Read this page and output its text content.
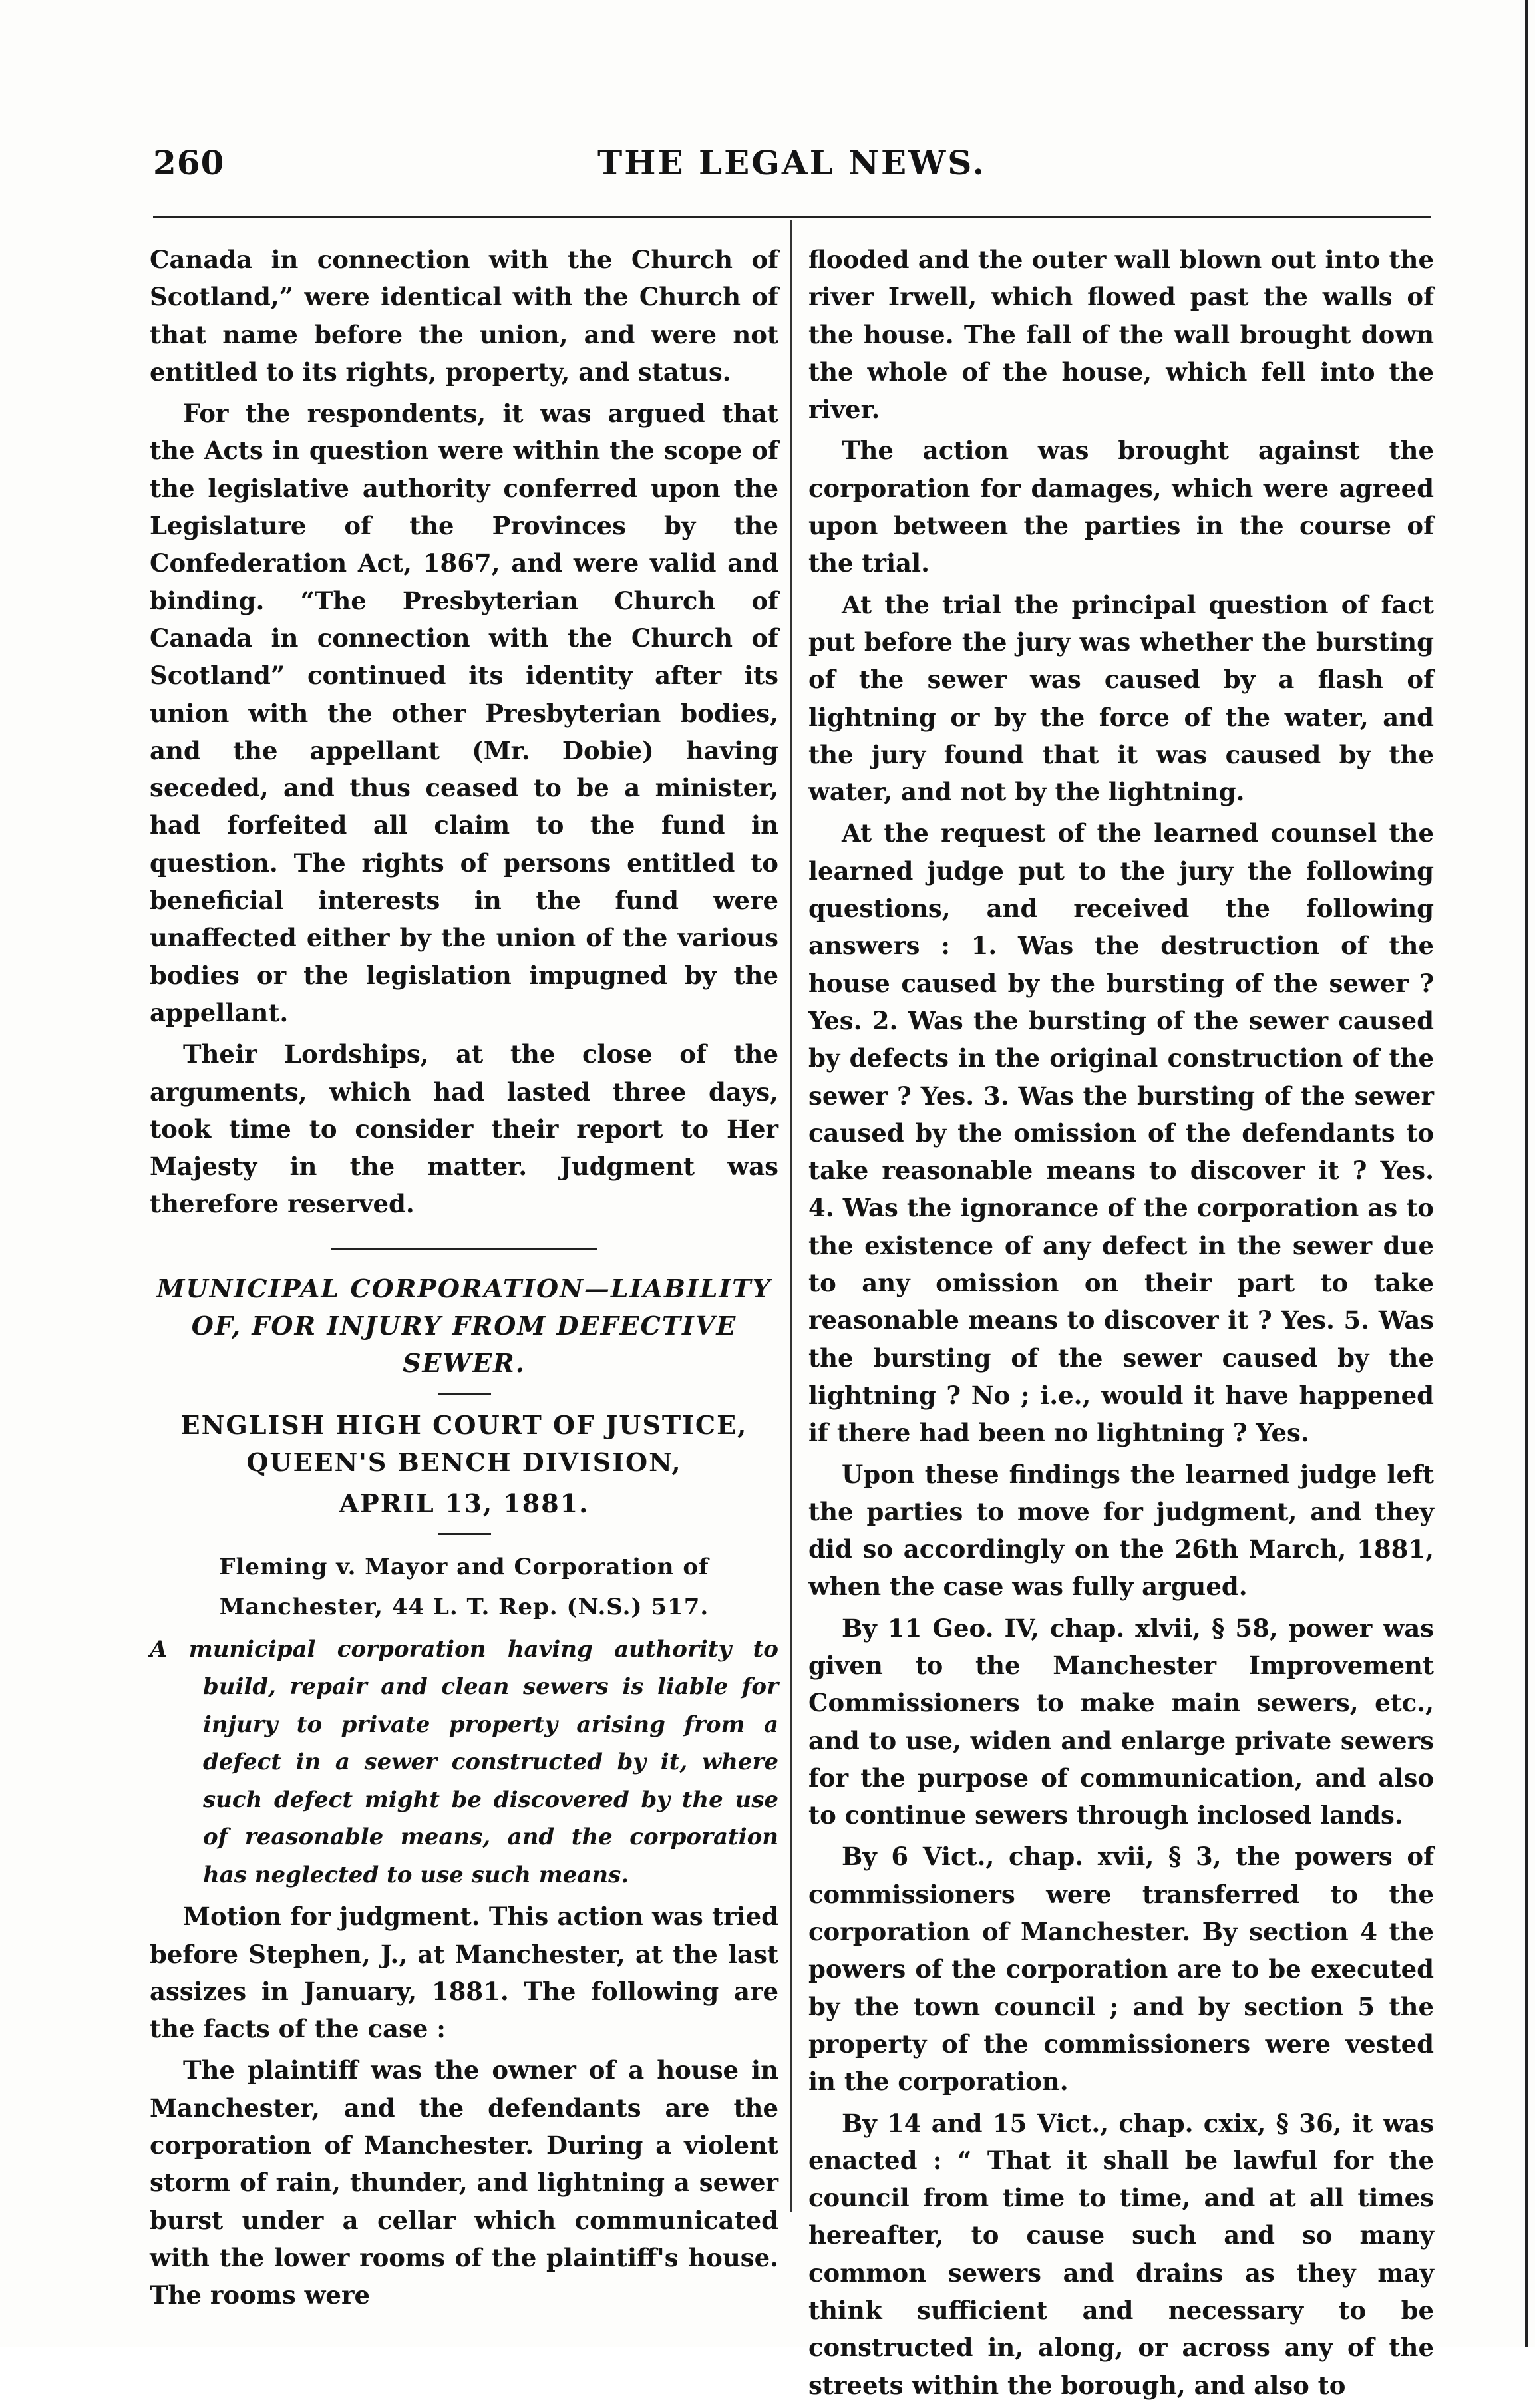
260	THE LEGAL NEWS.

Canada in connection with the Church of Scotland,” were identical with the Church of that name before the union, and were not entitled to its rights, property, and status.

For the respondents, it was argued that the Acts in question were within the scope of the legislative authority conferred upon the Legislature of the Provinces by the Confederation Act, 1867, and were valid and binding. “The Presbyterian Church of Canada in connection with the Church of Scotland” continued its identity after its union with the other Presbyterian bodies, and the appellant (Mr. Dobie) having seceded, and thus ceased to be a minister, had forfeited all claim to the fund in question. The rights of persons entitled to beneficial interests in the fund were unaffected either by the union of the various bodies or the legislation impugned by the appellant.

Their Lordships, at the close of the arguments, which had lasted three days, took time to consider their report to Her Majesty in the matter. Judgment was therefore reserved.

MUNICIPAL CORPORATION—LIABILITY OF, FOR INJURY FROM DEFECTIVE SEWER.

ENGLISH HIGH COURT OF JUSTICE, QUEEN'S BENCH DIVISION,

APRIL 13, 1881.

Fleming v. Mayor and Corporation of Manchester, 44 L. T. Rep. (N.S.) 517.

A municipal corporation having authority to build, repair and clean sewers is liable for injury to private property arising from a defect in a sewer constructed by it, where such defect might be discovered by the use of reasonable means, and the corporation has neglected to use such means.

Motion for judgment. This action was tried before Stephen, J., at Manchester, at the last assizes in January, 1881. The following are the facts of the case :

The plaintiff was the owner of a house in Manchester, and the defendants are the corporation of Manchester. During a violent storm of rain, thunder, and lightning a sewer burst under a cellar which communicated with the lower rooms of the plaintiff's house. The rooms were

flooded and the outer wall blown out into the river Irwell, which flowed past the walls of the house. The fall of the wall brought down the whole of the house, which fell into the river.

The action was brought against the corporation for damages, which were agreed upon between the parties in the course of the trial.

At the trial the principal question of fact put before the jury was whether the bursting of the sewer was caused by a flash of lightning or by the force of the water, and the jury found that it was caused by the water, and not by the lightning.

At the request of the learned counsel the learned judge put to the jury the following questions, and received the following answers : 1. Was the destruction of the house caused by the bursting of the sewer ? Yes. 2. Was the bursting of the sewer caused by defects in the original construction of the sewer ? Yes. 3. Was the bursting of the sewer caused by the omission of the defendants to take reasonable means to discover it ? Yes. 4. Was the ignorance of the corporation as to the existence of any defect in the sewer due to any omission on their part to take reasonable means to discover it ? Yes. 5. Was the bursting of the sewer caused by the lightning ? No ; i.e., would it have happened if there had been no lightning ? Yes.

Upon these findings the learned judge left the parties to move for judgment, and they did so accordingly on the 26th March, 1881, when the case was fully argued.

By 11 Geo. IV, chap. xlvii, § 58, power was given to the Manchester Improvement Commissioners to make main sewers, etc., and to use, widen and enlarge private sewers for the purpose of communication, and also to continue sewers through inclosed lands.

By 6 Vict., chap. xvii, § 3, the powers of commissioners were transferred to the corporation of Manchester. By section 4 the powers of the corporation are to be executed by the town council ; and by section 5 the property of the commissioners were vested in the corporation.

By 14 and 15 Vict., chap. cxix, § 36, it was enacted : “ That it shall be lawful for the council from time to time, and at all times hereafter, to cause such and so many common sewers and drains as they may think sufficient and necessary to be constructed in, along, or across any of the streets within the borough, and also to
